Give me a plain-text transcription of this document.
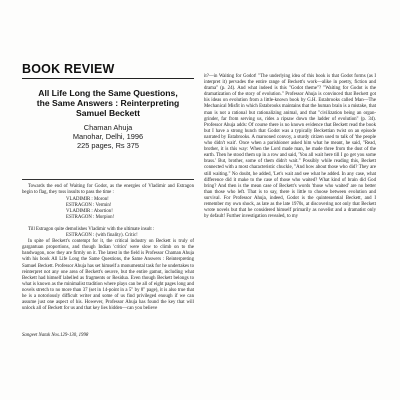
BOOK REVIEW
All Life Long the Same Questions, the Same Answers : Reinterpreting Samuel Beckett
Chaman Ahuja
Manohar, Delhi, 1996
225 pages, Rs 375

Towards the end of Waiting for Godot, as the energies of Vladimir and Estragon begin to flag, they toss insults to pass the time :

VLADIMIR : Moron!
ESTRAGON : Vermin!
VLADIMIR : Abortion!
ESTRAGON : Morpion!

Till Estragon quite demolishes Vladimir with the ultimate insult :

ESTRAGON : (with finality). Critic!

In spite of Beckett's contempt for it, the critical industry on Beckett is truly of gargantuan proportions, and though Indian 'critics' were slow to climb on to the bandwagon, now they are firmly on it. The latest in the field is Professor Chaman Ahuja with his book All Life Long the Same Questions, the Same Answers : Reinterpreting Samuel Beckett. Professor Ahuja has set himself a monumental task for he undertakes to reinterpret not any one area of Beckett's oeuvre, but the entire gamut, including what Beckett had himself labelled as fragments or Residua. Even though Beckett belongs to what is known as the minimalist tradition where plays can be all of eight pages long and novels stretch to no more than 37 (set in 14-point in a 5" by 8" page), it is also true that he is a notoriously difficult writer and some of us find privileged enough if we can assume just one aspect of his. However, Professor Ahuja has found the key that will unlock all of Beckett for us and that key lies hidden—can you believe

Sangeet Natak Nos.129-130, 1998

it?—in Waiting for Godot! "The underlying idea of this book is that Godot forms (as I interpret it) pervades the entire range of Beckett's work—alike in poetry, fiction and drama" (p. 24). And what indeed is this "Godot theme"? "Waiting for Godot is the dramatization of the story of evolution." Professor Ahuja is convinced that Beckett got his ideas on evolution from a little-known book by G.H. Estabrooks called Man—The Mechanical Misfit in which Estabrooks maintains that the human brain is a mistake, that man is not a rational but rationalizing animal, and that "civilization being an organ-grinder, far from serving us, rides a ripsaw down the ladder of evolution" (p. 34). Professor Ahuja adds: Of course there is no known evidence that Beckett read the book but I have a strong hunch that Godot was a typically Beckettian twist on an episode narrated by Estabrooks. A marooned convoy, a sturdy citizen used to talk of 'the people who didn't wait'. Once when a parishioner asked him what he meant, he said, "Read, brother, it is this way: When the Lord made man, he made three from the dust of the earth. Then he stood them up in a row and said, 'You all wait here till I go get you some brass.' But, brother, some of them didn't wait." Possibly while reading this, Beckett connected with a most characteristic chuckle, "And how about those who did? They are still waiting." No doubt, he added, 'Let's wait and see what he added. In any case, what difference did it make to the case of those who waited? What kind of brain did God bring? And then is the mean case of Beckett's words 'those who waited' are no better than those who left. That is to say, there is little to choose between evolution and survival. For Professor Ahuja, indeed, Godot is the quintessential Beckett, and I remember my own shock, as late as the late 1970s, at discovering not only that Beckett wrote novels but that he considered himself primarily as novelist and a dramatist only by default! Further investigation revealed, to my
